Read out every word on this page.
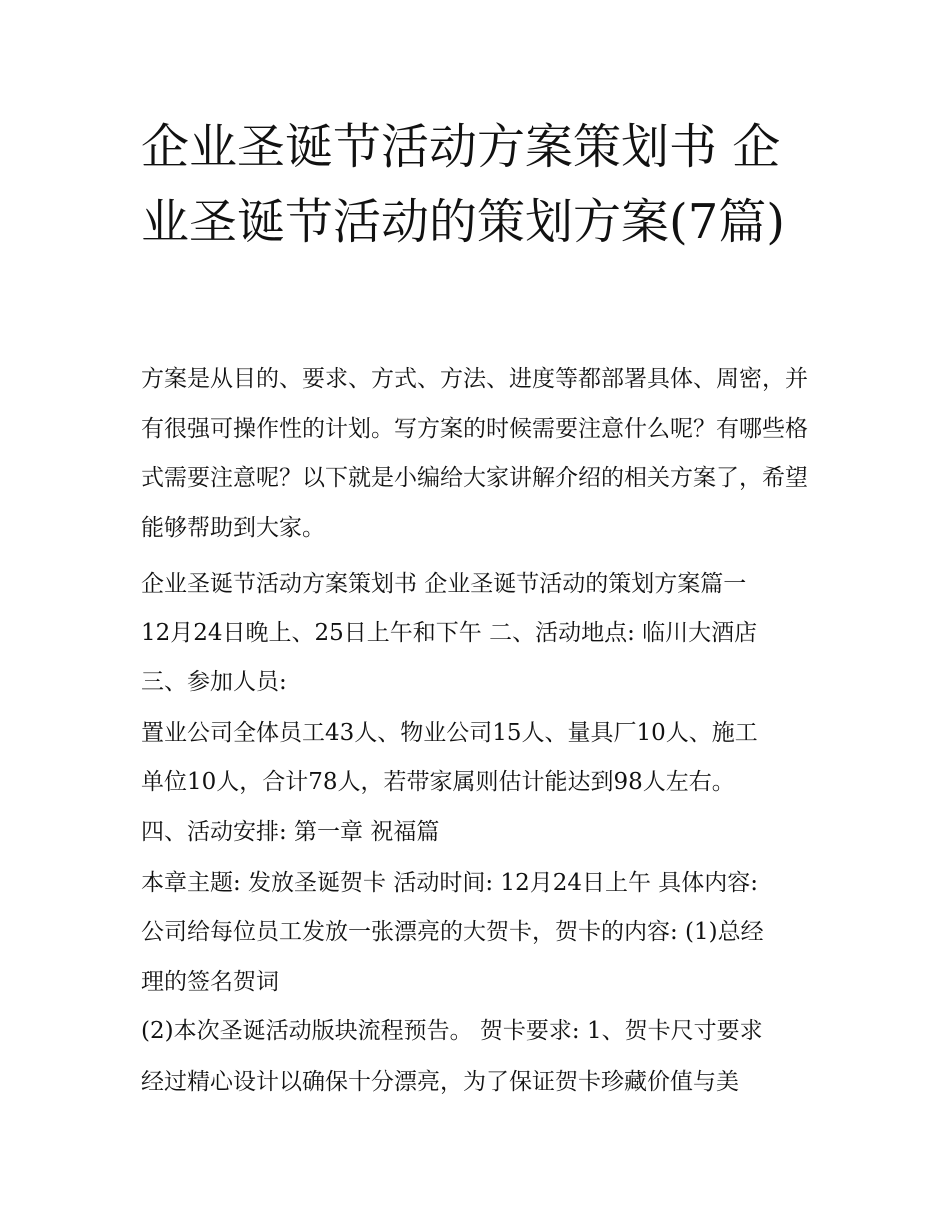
企业圣诞节活动方案策划书 企业圣诞节活动的策划方案(7篇)

方案是从目的、要求、方式、方法、进度等都部署具体、周密，并有很强可操作性的计划。写方案的时候需要注意什么呢？有哪些格式需要注意呢？以下就是小编给大家讲解介绍的相关方案了，希望能够帮助到大家。

企业圣诞节活动方案策划书 企业圣诞节活动的策划方案篇一
12月24日晚上、25日上午和下午 二、活动地点: 临川大酒店
三、参加人员:
置业公司全体员工43人、物业公司15人、量具厂10人、施工
单位10人，合计78人，若带家属则估计能达到98人左右。
四、活动安排: 第一章 祝福篇
本章主题: 发放圣诞贺卡 活动时间: 12月24日上午 具体内容:
公司给每位员工发放一张漂亮的大贺卡，贺卡的内容: (1)总经
理的签名贺词
(2)本次圣诞活动版块流程预告。 贺卡要求: 1、贺卡尺寸要求
经过精心设计以确保十分漂亮，为了保证贺卡珍藏价值与美
